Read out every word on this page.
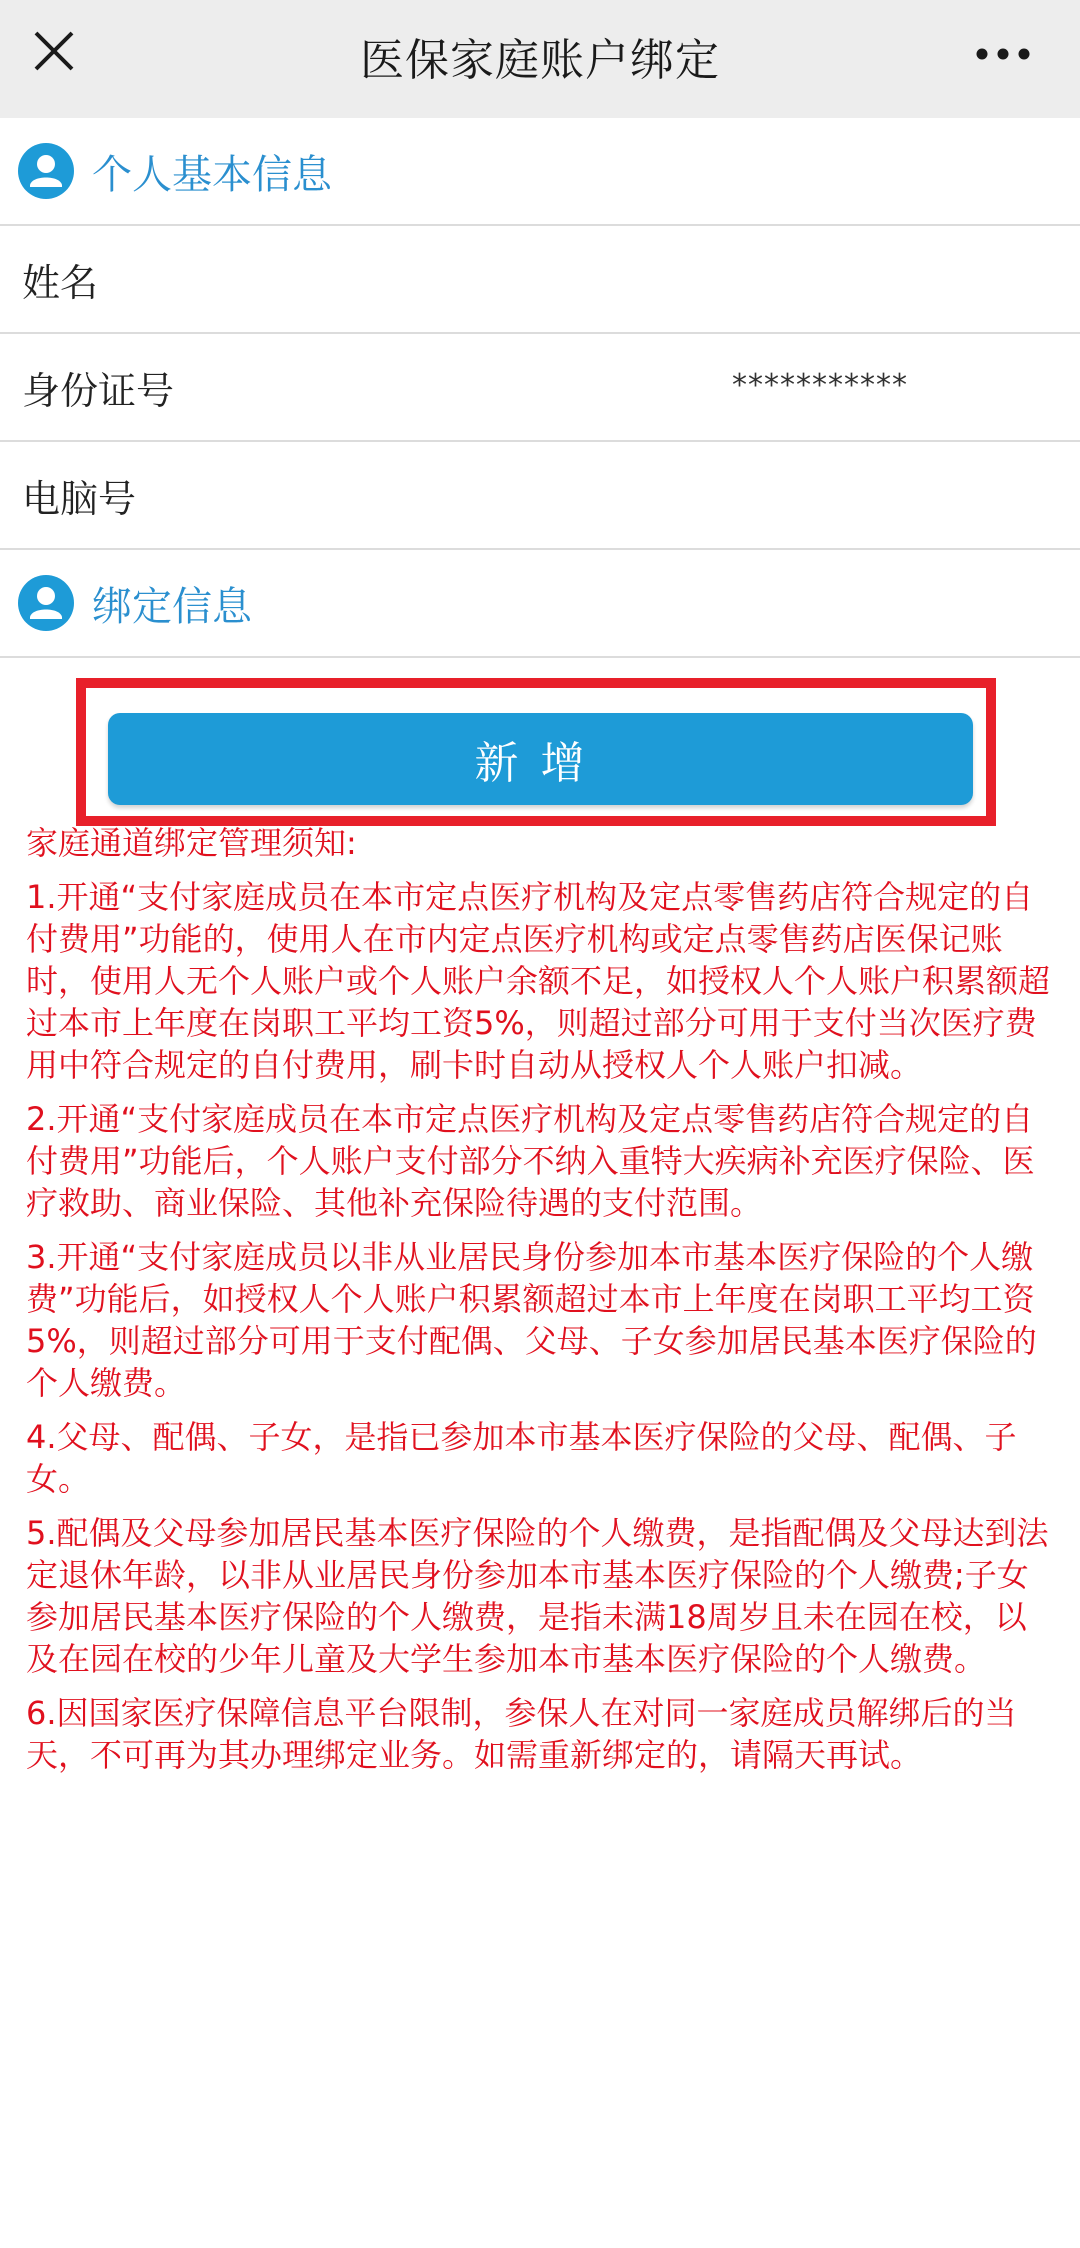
医保家庭账户绑定
个人基本信息
姓名
身份证号	***********
电脑号
绑定信息
新增
家庭通道绑定管理须知:

1.开通“支付家庭成员在本市定点医疗机构及定点零售药店符合规定的自付费用”功能的，使用人在市内定点医疗机构或定点零售药店医保记账时，使用人无个人账户或个人账户余额不足，如授权人个人账户积累额超过本市上年度在岗职工平均工资5%，则超过部分可用于支付当次医疗费用中符合规定的自付费用，刷卡时自动从授权人个人账户扣减。

2.开通“支付家庭成员在本市定点医疗机构及定点零售药店符合规定的自付费用”功能后，个人账户支付部分不纳入重特大疾病补充医疗保险、医疗救助、商业保险、其他补充保险待遇的支付范围。

3.开通“支付家庭成员以非从业居民身份参加本市基本医疗保险的个人缴费”功能后，如授权人个人账户积累额超过本市上年度在岗职工平均工资5%，则超过部分可用于支付配偶、父母、子女参加居民基本医疗保险的个人缴费。

4.父母、配偶、子女，是指已参加本市基本医疗保险的父母、配偶、子女。

5.配偶及父母参加居民基本医疗保险的个人缴费，是指配偶及父母达到法定退休年龄，以非从业居民身份参加本市基本医疗保险的个人缴费;子女参加居民基本医疗保险的个人缴费，是指未满18周岁且未在园在校，以及在园在校的少年儿童及大学生参加本市基本医疗保险的个人缴费。

6.因国家医疗保障信息平台限制，参保人在对同一家庭成员解绑后的当天，不可再为其办理绑定业务。如需重新绑定的，请隔天再试。
